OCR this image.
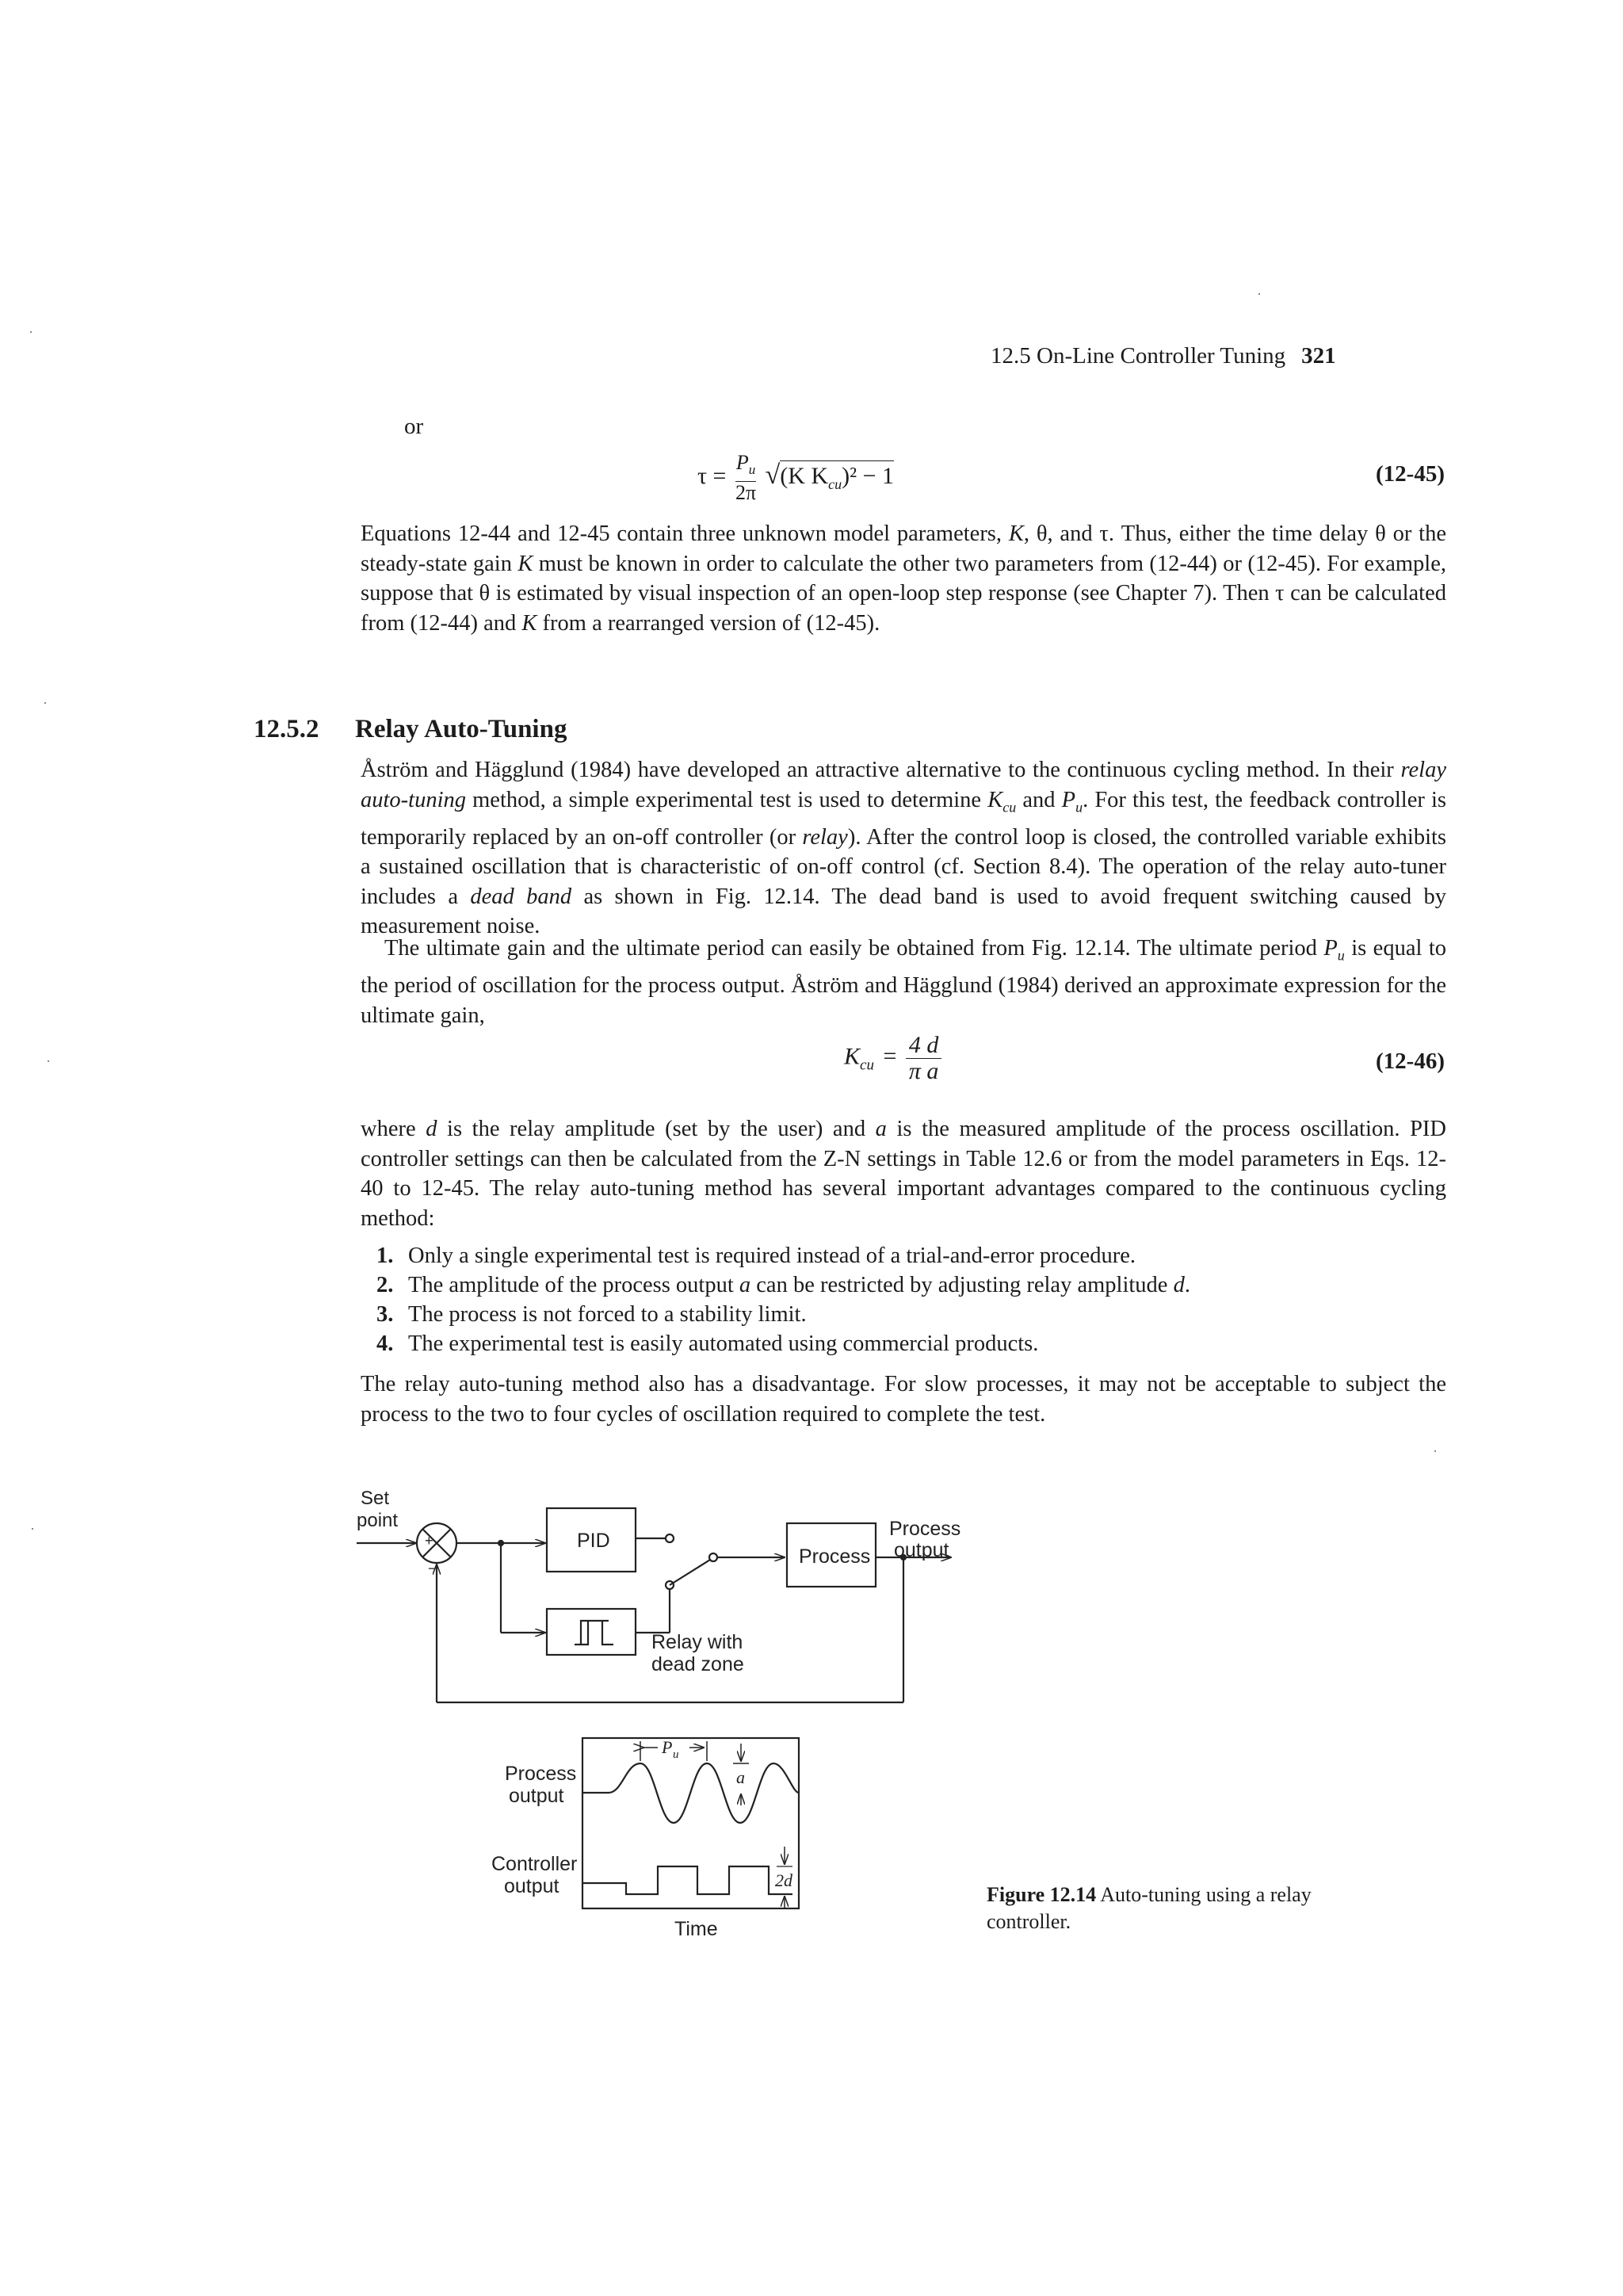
12.5 On-Line Controller Tuning 321
or
$\tau = \frac{P_u}{2\pi} √(K$ $K_{cu})^2 - 1$	(12-45)

Equations 12-44 and 12-45 contain three unknown model parameters, K, θ, and τ. Thus, either the time delay θ or the steady-state gain K must be known in order to calculate the other two parameters from (12-44) or (12-45). For example, suppose that θ is estimated by visual inspection of an open-loop step response (see Chapter 7). Then τ can be calculated from (12-44) and K from a rearranged version of (12-45).

12.5.2 Relay Auto-Tuning

Åström and Hägglund (1984) have developed an attractive alternative to the continuous cycling method. In their relay auto-tuning method, a simple experimental test is used to determine $K_{cu}$ and $P_u$. For this test, the feedback controller is temporarily replaced by an on-off controller (or relay). After the control loop is closed, the controlled variable exhibits a sustained oscillation that is characteristic of on-off control (cf. Section 8.4). The operation of the relay auto-tuner includes a dead band as shown in Fig. 12.14. The dead band is used to avoid frequent switching caused by measurement noise.

The ultimate gain and the ultimate period can easily be obtained from Fig. 12.14. The ultimate period $P_u$ is equal to the period of oscillation for the process output. Åström and Hägglund (1984) derived an approximate expression for the ultimate gain,

$K_{cu} = \frac{4 d}{\text{π a}}$	(12-46)

where d is the relay amplitude (set by the user) and a is the measured amplitude of the process oscillation. PID controller settings can then be calculated from the Z-N settings in Table 12.6 or from the model parameters in Eqs. 12-40 to 12-45. The relay auto-tuning method has several important advantages compared to the continuous cycling method:

1. Only a single experimental test is required instead of a trial-and-error procedure.
2. The amplitude of the process output a can be restricted by adjusting relay amplitude d.
3. The process is not forced to a stability limit.
4. The experimental test is easily automated using commercial products.

The relay auto-tuning method also has a disadvantage. For slow processes, it may not be acceptable to subject the process to the two to four cycles of oscillation required to complete the test.

Set
point
+
−
PID
Process
Process
output
Relay with
dead zone
Process
output
Controller
output
P u
a
2d
Time
Figure 12.14 Auto-tuning using a relay controller.
